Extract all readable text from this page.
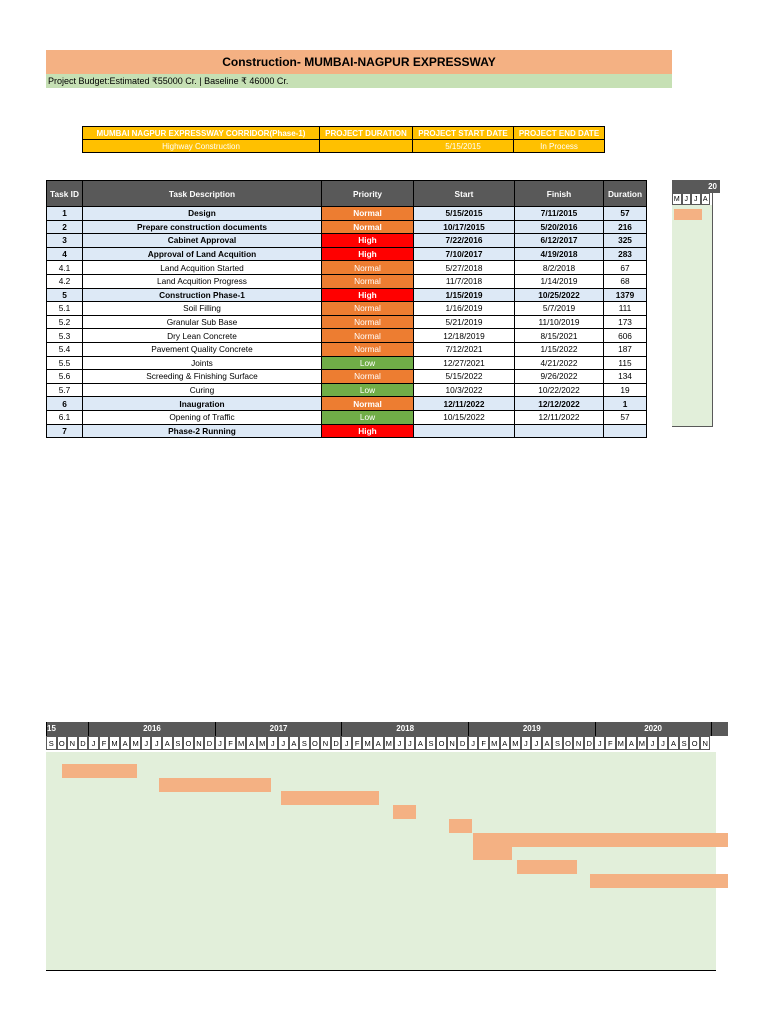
Construction- MUMBAI-NAGPUR EXPRESSWAY
Project Budget:Estimated ₹55000 Cr. | Baseline ₹ 46000 Cr.
MUMBAI NAGPUR EXPRESSWAY CORRIDOR(Phase-1)	PROJECT DURATION	PROJECT START DATE	PROJECT END DATE
Highway Construction		5/15/2015	In Process
Task ID	Task Description	Priority	Start	Finish	Duration
1	Design	Normal	5/15/2015	7/11/2015	57
2	Prepare construction documents	Normal	10/17/2015	5/20/2016	216
3	Cabinet Approval	High	7/22/2016	6/12/2017	325
4	Approval of Land Acquition	High	7/10/2017	4/19/2018	283
4.1	Land Acquition Started	Normal	5/27/2018	8/2/2018	67
4.2	Land Acquition Progress	Normal	11/7/2018	1/14/2019	68
5	Construction Phase-1	High	1/15/2019	10/25/2022	1379
5.1	Soil Filling	Normal	1/16/2019	5/7/2019	111
5.2	Granular Sub Base	Normal	5/21/2019	11/10/2019	173
5.3	Dry Lean Concrete	Normal	12/18/2019	8/15/2021	606
5.4	Pavement Quality Concrete	Normal	7/12/2021	1/15/2022	187
5.5	Joints	Low	12/27/2021	4/21/2022	115
5.6	Screeding & Finishing Surface	Normal	5/15/2022	9/26/2022	134
5.7	Curing	Low	10/3/2022	10/22/2022	19
6	Inaugration	Normal	12/11/2022	12/12/2022	1
6.1	Opening of Traffic	Low	10/15/2022	12/11/2022	57
7	Phase-2 Running	High			
20
M J J A
15	2016	2017	2018	2019	2020
S O N D J F M A M J J A S O N D J F M A M J J A S O N D J F M A M J J A S O N D J F M A M J J A S O N D J F M A M J J A S O N
